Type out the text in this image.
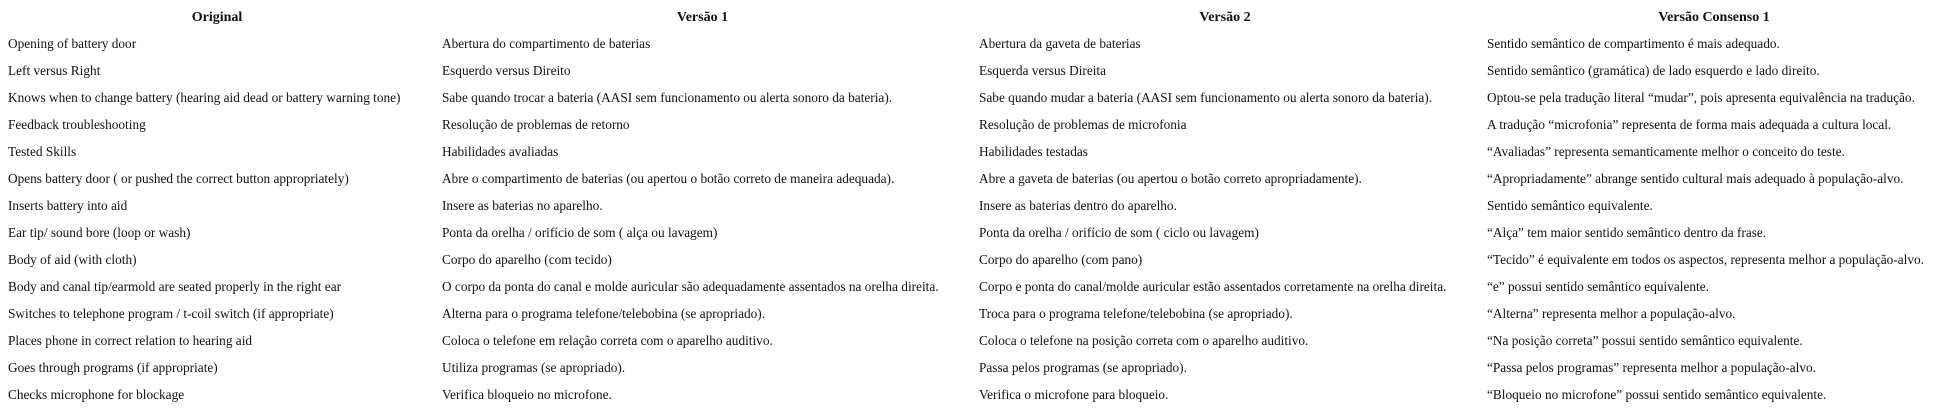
Original	Versão 1	Versão 2	Versão Consenso 1
Opening of battery door	Abertura do compartimento de baterias	Abertura da gaveta de baterias	Sentido semântico de compartimento é mais adequado.
Left versus Right	Esquerdo versus Direito	Esquerda versus Direita	Sentido semântico (gramática) de lado esquerdo e lado direito.
Knows when to change battery (hearing aid dead or battery warning tone)	Sabe quando trocar a bateria (AASI sem funcionamento ou alerta sonoro da bateria).	Sabe quando mudar a bateria (AASI sem funcionamento ou alerta sonoro da bateria).	Optou-se pela tradução literal “mudar”, pois apresenta equivalência na tradução.
Feedback troubleshooting	Resolução de problemas de retorno	Resolução de problemas de microfonia	A tradução “microfonia” representa de forma mais adequada a cultura local.
Tested Skills	Habilidades avaliadas	Habilidades testadas	“Avaliadas” representa semanticamente melhor o conceito do teste.
Opens battery door ( or pushed the correct button appropriately)	Abre o compartimento de baterias (ou apertou o botão correto de maneira adequada).	Abre a gaveta de baterias (ou apertou o botão correto apropriadamente).	“Apropriadamente” abrange sentido cultural mais adequado à população-alvo.
Inserts battery into aid	Insere as baterias no aparelho.	Insere as baterias dentro do aparelho.	Sentido semântico equivalente.
Ear tip/ sound bore (loop or wash)	Ponta da orelha / orifício de som ( alça ou lavagem)	Ponta da orelha / orifício de som ( ciclo ou lavagem)	“Alça” tem maior sentido semântico dentro da frase.
Body of aid (with cloth)	Corpo do aparelho (com tecido)	Corpo do aparelho (com pano)	“Tecido” é equivalente em todos os aspectos, representa melhor a população-alvo.
Body and canal tip/earmold are seated properly in the right ear	O corpo da ponta do canal e molde auricular são adequadamente assentados na orelha direita.	Corpo e ponta do canal/molde auricular estão assentados corretamente na orelha direita.	“e” possui sentido semântico equivalente.
Switches to telephone program / t-coil switch (if appropriate)	Alterna para o programa telefone/telebobina (se apropriado).	Troca para o programa telefone/telebobina (se apropriado).	“Alterna” representa melhor a população-alvo.
Places phone in correct relation to hearing aid	Coloca o telefone em relação correta com o aparelho auditivo.	Coloca o telefone na posição correta com o aparelho auditivo.	“Na posição correta” possui sentido semântico equivalente.
Goes through programs (if appropriate)	Utiliza programas (se apropriado).	Passa pelos programas (se apropriado).	“Passa pelos programas” representa melhor a população-alvo.
Checks microphone for blockage	Verifica bloqueio no microfone.	Verifica o microfone para bloqueio.	“Bloqueio no microfone” possui sentido semântico equivalente.
